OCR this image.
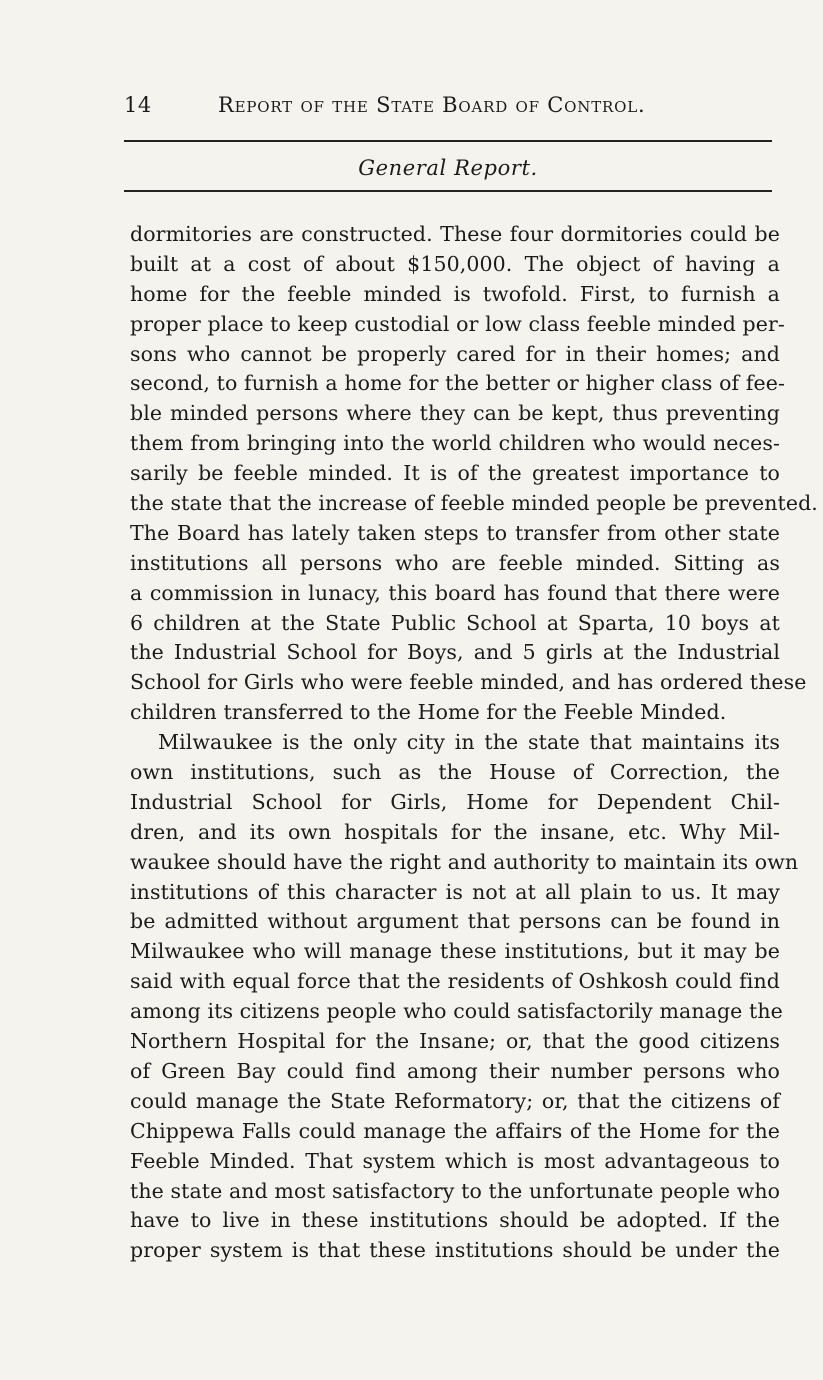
14	Report of the State Board of Control.
General Report.
dormitories are constructed. These four dormitories could be
built at a cost of about $150,000. The object of having a
home for the feeble minded is twofold. First, to furnish a
proper place to keep custodial or low class feeble minded per-
sons who cannot be properly cared for in their homes; and
second, to furnish a home for the better or higher class of fee-
ble minded persons where they can be kept, thus preventing
them from bringing into the world children who would neces-
sarily be feeble minded. It is of the greatest importance to
the state that the increase of feeble minded people be prevented.
The Board has lately taken steps to transfer from other state
institutions all persons who are feeble minded. Sitting as
a commission in lunacy, this board has found that there were
6 children at the State Public School at Sparta, 10 boys at
the Industrial School for Boys, and 5 girls at the Industrial
School for Girls who were feeble minded, and has ordered these
children transferred to the Home for the Feeble Minded.
Milwaukee is the only city in the state that maintains its
own institutions, such as the House of Correction, the
Industrial School for Girls, Home for Dependent Chil-
dren, and its own hospitals for the insane, etc. Why Mil-
waukee should have the right and authority to maintain its own
institutions of this character is not at all plain to us. It may
be admitted without argument that persons can be found in
Milwaukee who will manage these institutions, but it may be
said with equal force that the residents of Oshkosh could find
among its citizens people who could satisfactorily manage the
Northern Hospital for the Insane; or, that the good citizens
of Green Bay could find among their number persons who
could manage the State Reformatory; or, that the citizens of
Chippewa Falls could manage the affairs of the Home for the
Feeble Minded. That system which is most advantageous to
the state and most satisfactory to the unfortunate people who
have to live in these institutions should be adopted. If the
proper system is that these institutions should be under the
